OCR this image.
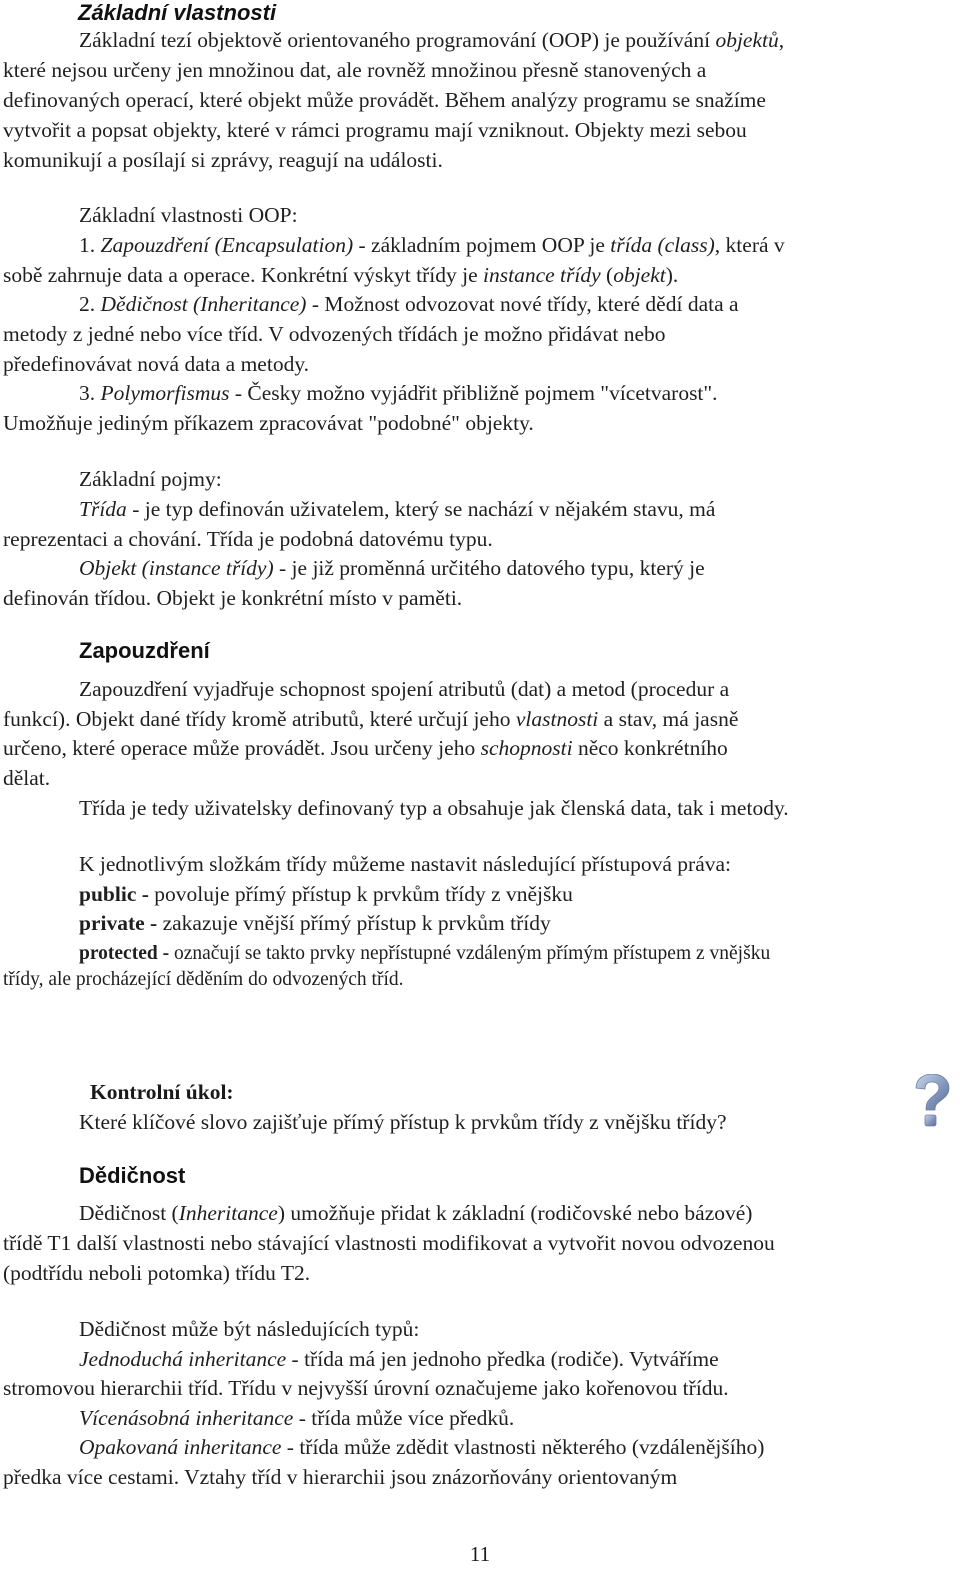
Základní vlastnosti

Základní tezí objektově orientovaného programování (OOP) je používání objektů,

které nejsou určeny jen množinou dat, ale rovněž množinou přesně stanovených a

definovaných operací, které objekt může provádět. Během analýzy programu se snažíme

vytvořit a popsat objekty, které v rámci programu mají vzniknout. Objekty mezi sebou

komunikují a posílají si zprávy, reagují na události.

Základní vlastnosti OOP:

1. Zapouzdření (Encapsulation) - základním pojmem OOP je třída (class), která v

sobě zahrnuje data a operace. Konkrétní výskyt třídy je instance třídy (objekt).

2. Dědičnost (Inheritance) - Možnost odvozovat nové třídy, které dědí data a

metody z jedné nebo více tříd. V odvozených třídách je možno přidávat nebo

předefinovávat nová data a metody.

3. Polymorfismus - Česky možno vyjádřit přibližně pojmem "vícetvarost".

Umožňuje jediným příkazem zpracovávat "podobné" objekty.

Základní pojmy:

Třída - je typ definován uživatelem, který se nachází v nějakém stavu, má

reprezentaci a chování. Třída je podobná datovému typu.

Objekt (instance třídy) - je již proměnná určitého datového typu, který je

definován třídou. Objekt je konkrétní místo v paměti.

Zapouzdření

Zapouzdření vyjadřuje schopnost spojení atributů (dat) a metod (procedur a

funkcí). Objekt dané třídy kromě atributů, které určují jeho vlastnosti a stav, má jasně

určeno, které operace může provádět. Jsou určeny jeho schopnosti něco konkrétního

dělat.

Třída je tedy uživatelsky definovaný typ a obsahuje jak členská data, tak i metody.

K jednotlivým složkám třídy můžeme nastavit následující přístupová práva:

public - povoluje přímý přístup k prvkům třídy z vnějšku

private - zakazuje vnější přímý přístup k prvkům třídy

protected - označují se takto prvky nepřístupné vzdáleným přímým přístupem z vnějšku

třídy, ale procházející děděním do odvozených tříd.

Kontrolní úkol:

Které klíčové slovo zajišťuje přímý přístup k prvkům třídy z vnějšku třídy?

Dědičnost

Dědičnost (Inheritance) umožňuje přidat k základní (rodičovské nebo bázové)

třídě T1 další vlastnosti nebo stávající vlastnosti modifikovat a vytvořit novou odvozenou

(podtřídu neboli potomka) třídu T2.

Dědičnost může být následujících typů:

Jednoduchá inheritance - třída má jen jednoho předka (rodiče). Vytváříme

stromovou hierarchii tříd. Třídu v nejvyšší úrovní označujeme jako kořenovou třídu.

Vícenásobná inheritance - třída může více předků.

Opakovaná inheritance - třída může zdědit vlastnosti některého (vzdálenějšího)

předka více cestami. Vztahy tříd v hierarchii jsou znázorňovány orientovaným

11
